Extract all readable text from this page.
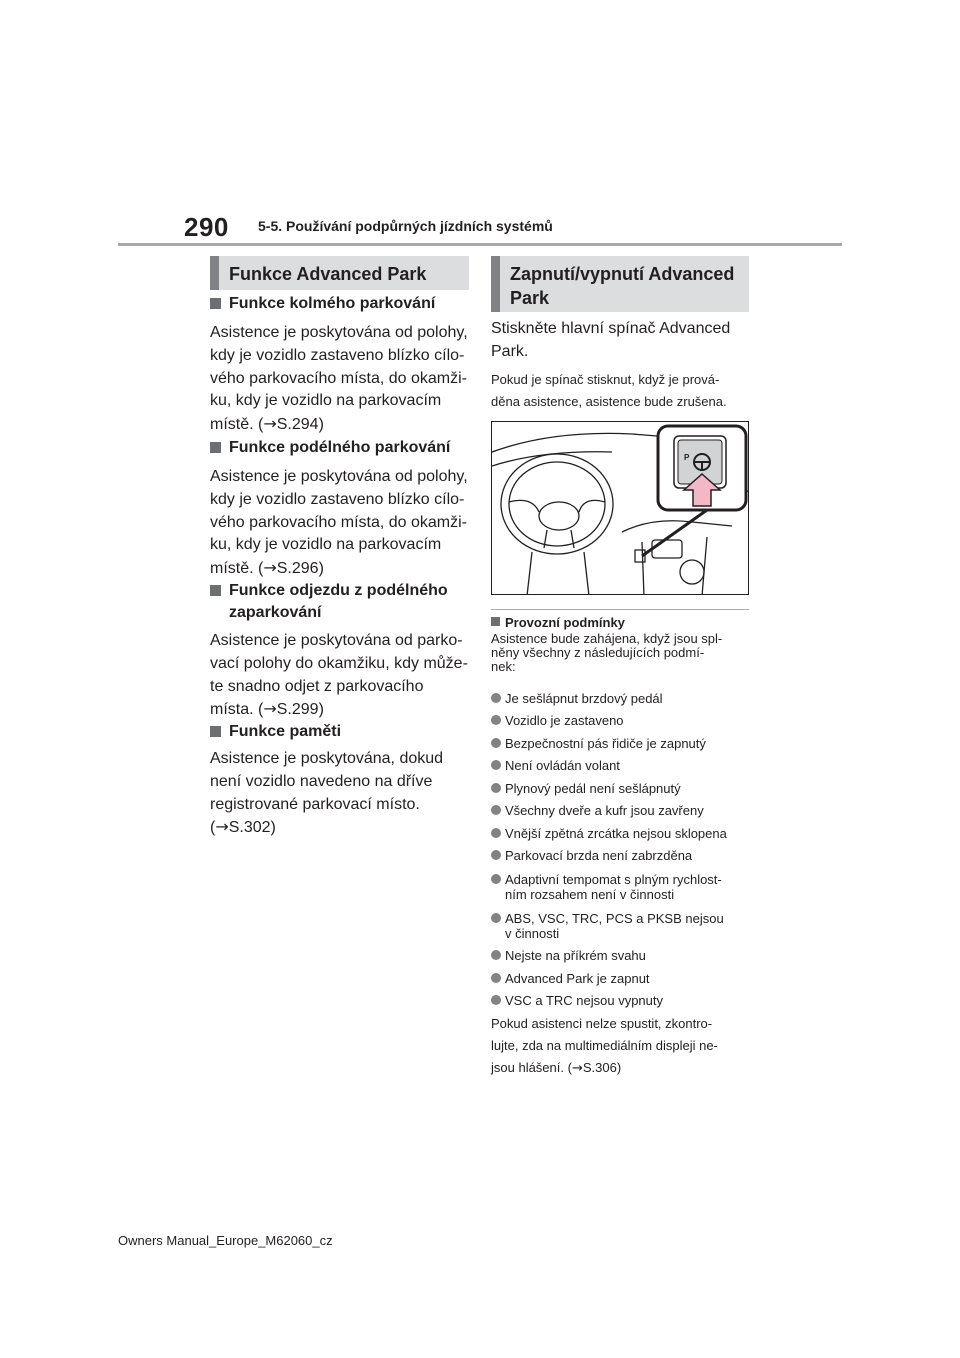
290 5-5. Používání podpůrných jízdních systémů
Funkce Advanced Park
Funkce kolmého parkování
Asistence je poskytována od polohy,
kdy je vozidlo zastaveno blízko cílo-
vého parkovacího místa, do okamži-
ku, kdy je vozidlo na parkovacím
místě. (→S.294)
Funkce podélného parkování
Asistence je poskytována od polohy,
kdy je vozidlo zastaveno blízko cílo-
vého parkovacího místa, do okamži-
ku, kdy je vozidlo na parkovacím
místě. (→S.296)
Funkce odjezdu z podélného
zaparkování
Asistence je poskytována od parko-
vací polohy do okamžiku, kdy může-
te snadno odjet z parkovacího
místa. (→S.299)
Funkce paměti
Asistence je poskytována, dokud
není vozidlo navedeno na dříve
registrované parkovací místo.
(→S.302)
Zapnutí/vypnutí Advanced
Park
Stiskněte hlavní spínač Advanced
Park.
Pokud je spínač stisknut, když je prová-
děna asistence, asistence bude zrušena.
P
Provozní podmínky
Asistence bude zahájena, když jsou spl-
něny všechny z následujících podmí-
nek:
Je sešlápnut brzdový pedál
Vozidlo je zastaveno
Bezpečnostní pás řidiče je zapnutý
Není ovládán volant
Plynový pedál není sešlápnutý
Všechny dveře a kufr jsou zavřeny
Vnější zpětná zrcátka nejsou sklopena
Parkovací brzda není zabrzděna
Adaptivní tempomat s plným rychlost-
ním rozsahem není v činnosti
ABS, VSC, TRC, PCS a PKSB nejsou
v činnosti
Nejste na příkrém svahu
Advanced Park je zapnut
VSC a TRC nejsou vypnuty
Pokud asistenci nelze spustit, zkontro-
lujte, zda na multimediálním displeji ne-
jsou hlášení. (→S.306)
Owners Manual_Europe_M62060_cz
